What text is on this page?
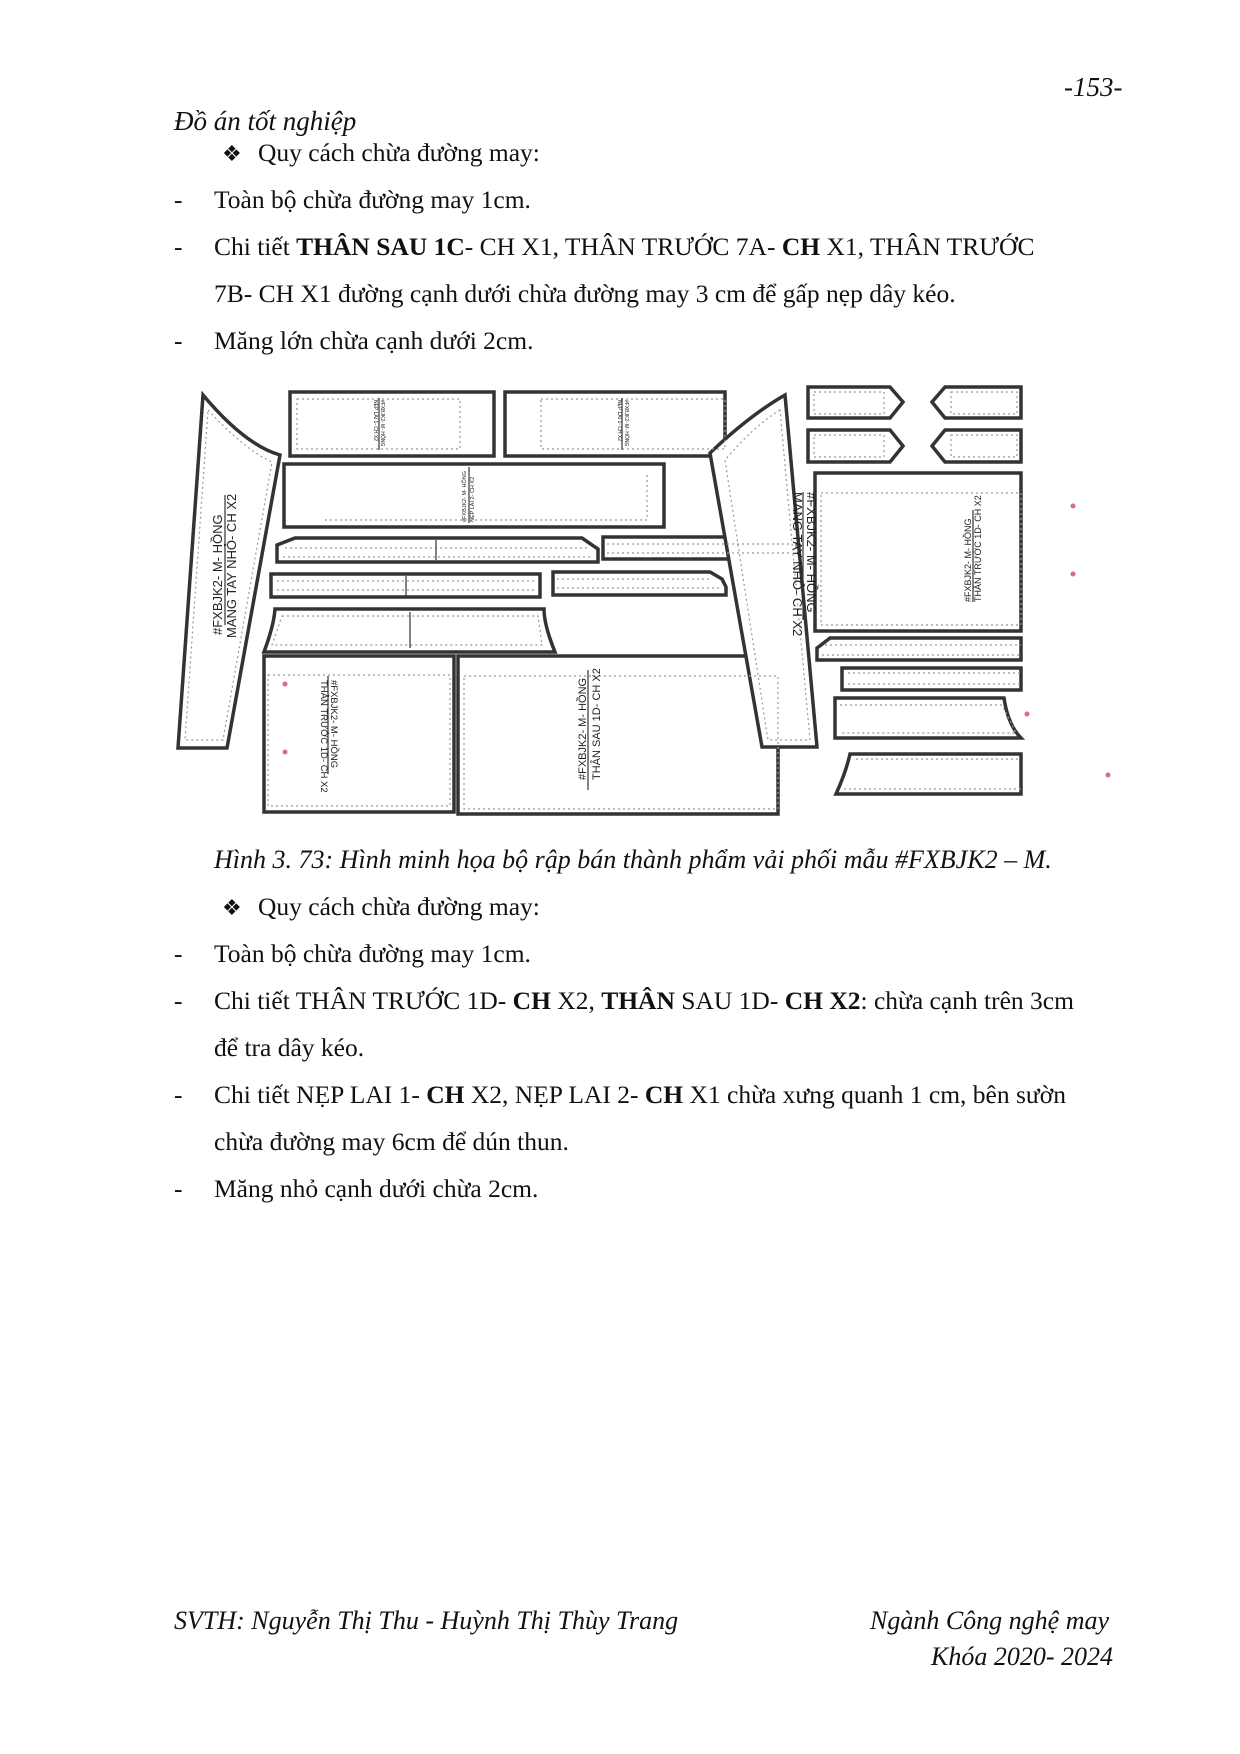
-153-
Đồ án tốt nghiệp
❖ Quy cách chừa đường may:
- Toàn bộ chừa đường may 1cm.
- Chi tiết THÂN SAU 1C- CH X1, THÂN TRƯỚC 7A- CH X1, THÂN TRƯỚC
7B- CH X1 đường cạnh dưới chừa đường may 3 cm để gấp nẹp dây kéo.
- Măng lớn chừa cạnh dưới 2cm.
#FXBJK2- M- HỒNG MANG TAY NHỎ- CH X2
#FXBJK2- M- HỒNG
NẸP LAI 1- CH X2	#FXBJK2- M- HỒNG
NẸP LAI 1- CH X2
#FXBJK2- M- HỒNG NẸP LAI 2- CH X2
#FXBJK2- M- HỒNG
THÂN TRƯỚC 1D- CH X2	#FXBJK2- M- HỒNG THÂN SAU 1D- CH X2
#FXBJK2- M- HỒNG
MANG TAY NHỎ- CH X2	#FXBJK2- M- HỒNG THÂN TRƯỚC 1D- CH X2
Hình 3. 73: Hình minh họa bộ rập bán thành phẩm vải phối mẫu #FXBJK2 – M.
❖ Quy cách chừa đường may:
- Toàn bộ chừa đường may 1cm.
- Chi tiết THÂN TRƯỚC 1D- CH X2, THÂN SAU 1D- CH X2: chừa cạnh trên 3cm
để tra dây kéo.
- Chi tiết NẸP LAI 1- CH X2, NẸP LAI 2- CH X1 chừa xưng quanh 1 cm, bên sườn
chừa đường may 6cm để dún thun.
- Măng nhỏ cạnh dưới chừa 2cm.
SVTH: Nguyễn Thị Thu - Huỳnh Thị Thùy Trang	Ngành Công nghệ may
Khóa 2020- 2024
